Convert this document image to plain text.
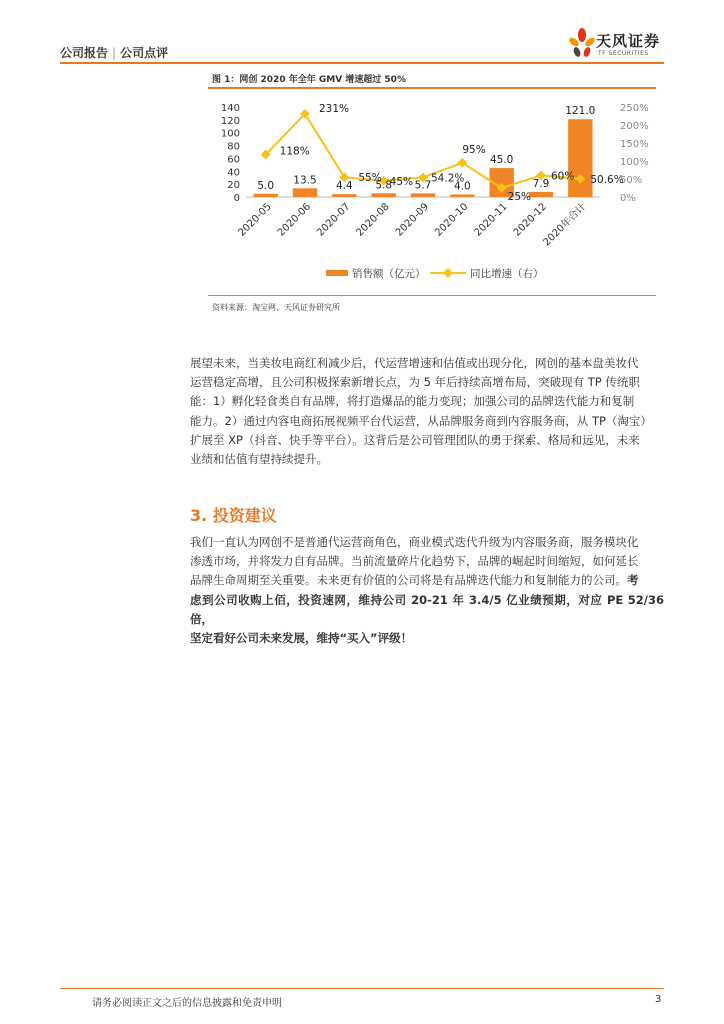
公司报告 | 公司点评
天风证券
TF SECURITIES
图 1：网创 2020 年全年 GMV 增速超过 50%
0
20
40
60
80
100
120
140
0%
50%
100%
150%
200%
250%
5.0 13.5 4.4 5.8 5.7 4.0
45.0
7.9
121.0
118%
231%
55% 45% 54.2%
95%
25%
60% 50.6%
2020-05 2020-06 2020-07 2020-08 2020-09 2020-10 2020-11 2020-12
2020年合计
销售额（亿元）	同比增速（右）
资料来源：淘宝网、天风证券研究所
展望未来，当美妆电商红利减少后，代运营增速和估值或出现分化，网创的基本盘美妆代
运营稳定高增，且公司积极探索新增长点，为 5 年后持续高增布局，突破现有 TP 传统职
能：1）孵化轻食类自有品牌，将打造爆品的能力变现；加强公司的品牌迭代能力和复制
能力。2）通过内容电商拓展视频平台代运营，从品牌服务商到内容服务商，从 TP（淘宝）
扩展至 XP（抖音、快手等平台）。这背后是公司管理团队的勇于探索、格局和远见，未来
业绩和估值有望持续提升。
3. 投资建议
我们一直认为网创不是普通代运营商角色，商业模式迭代升级为内容服务商，服务模块化
渗透市场，并将发力自有品牌。当前流量碎片化趋势下，品牌的崛起时间缩短，如何延长
品牌生命周期至关重要。未来更有价值的公司将是有品牌迭代能力和复制能力的公司。考
虑到公司收购上佰，投资速网，维持公司 20-21 年 3.4/5 亿业绩预期，对应 PE 52/36 倍，
坚定看好公司未来发展，维持“买入”评级！
请务必阅读正文之后的信息披露和免责申明	3
